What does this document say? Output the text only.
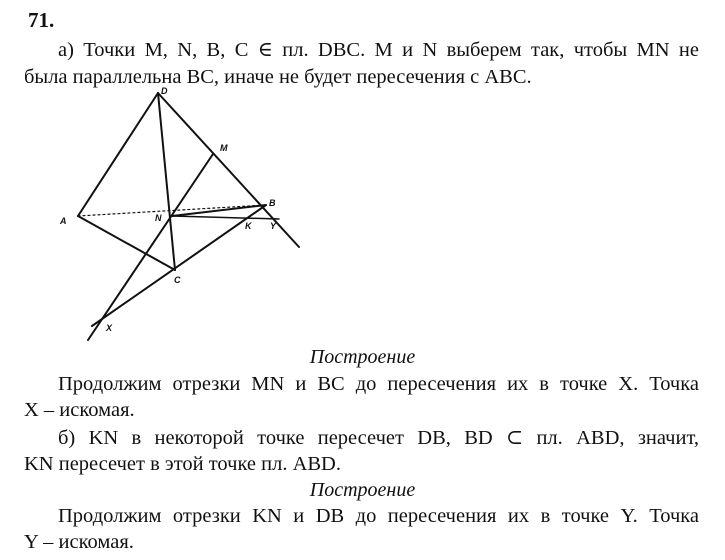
71.
а) Точки M, N, B, C ∈ пл. DBC. M и N выберем так, чтобы MN не
была параллельна BC, иначе не будет пересечения с ABC.
D
M
A	N
B
K Y
C
X
Построение
Продолжим отрезки MN и BC до пересечения их в точке X. Точка
X – искомая.
б) KN в некоторой точке пересечет DB, BD ⊂ пл. ABD, значит,
KN пересечет в этой точке пл. ABD.
Построение
Продолжим отрезки KN и DB до пересечения их в точке Y. Точка
Y – искомая.
